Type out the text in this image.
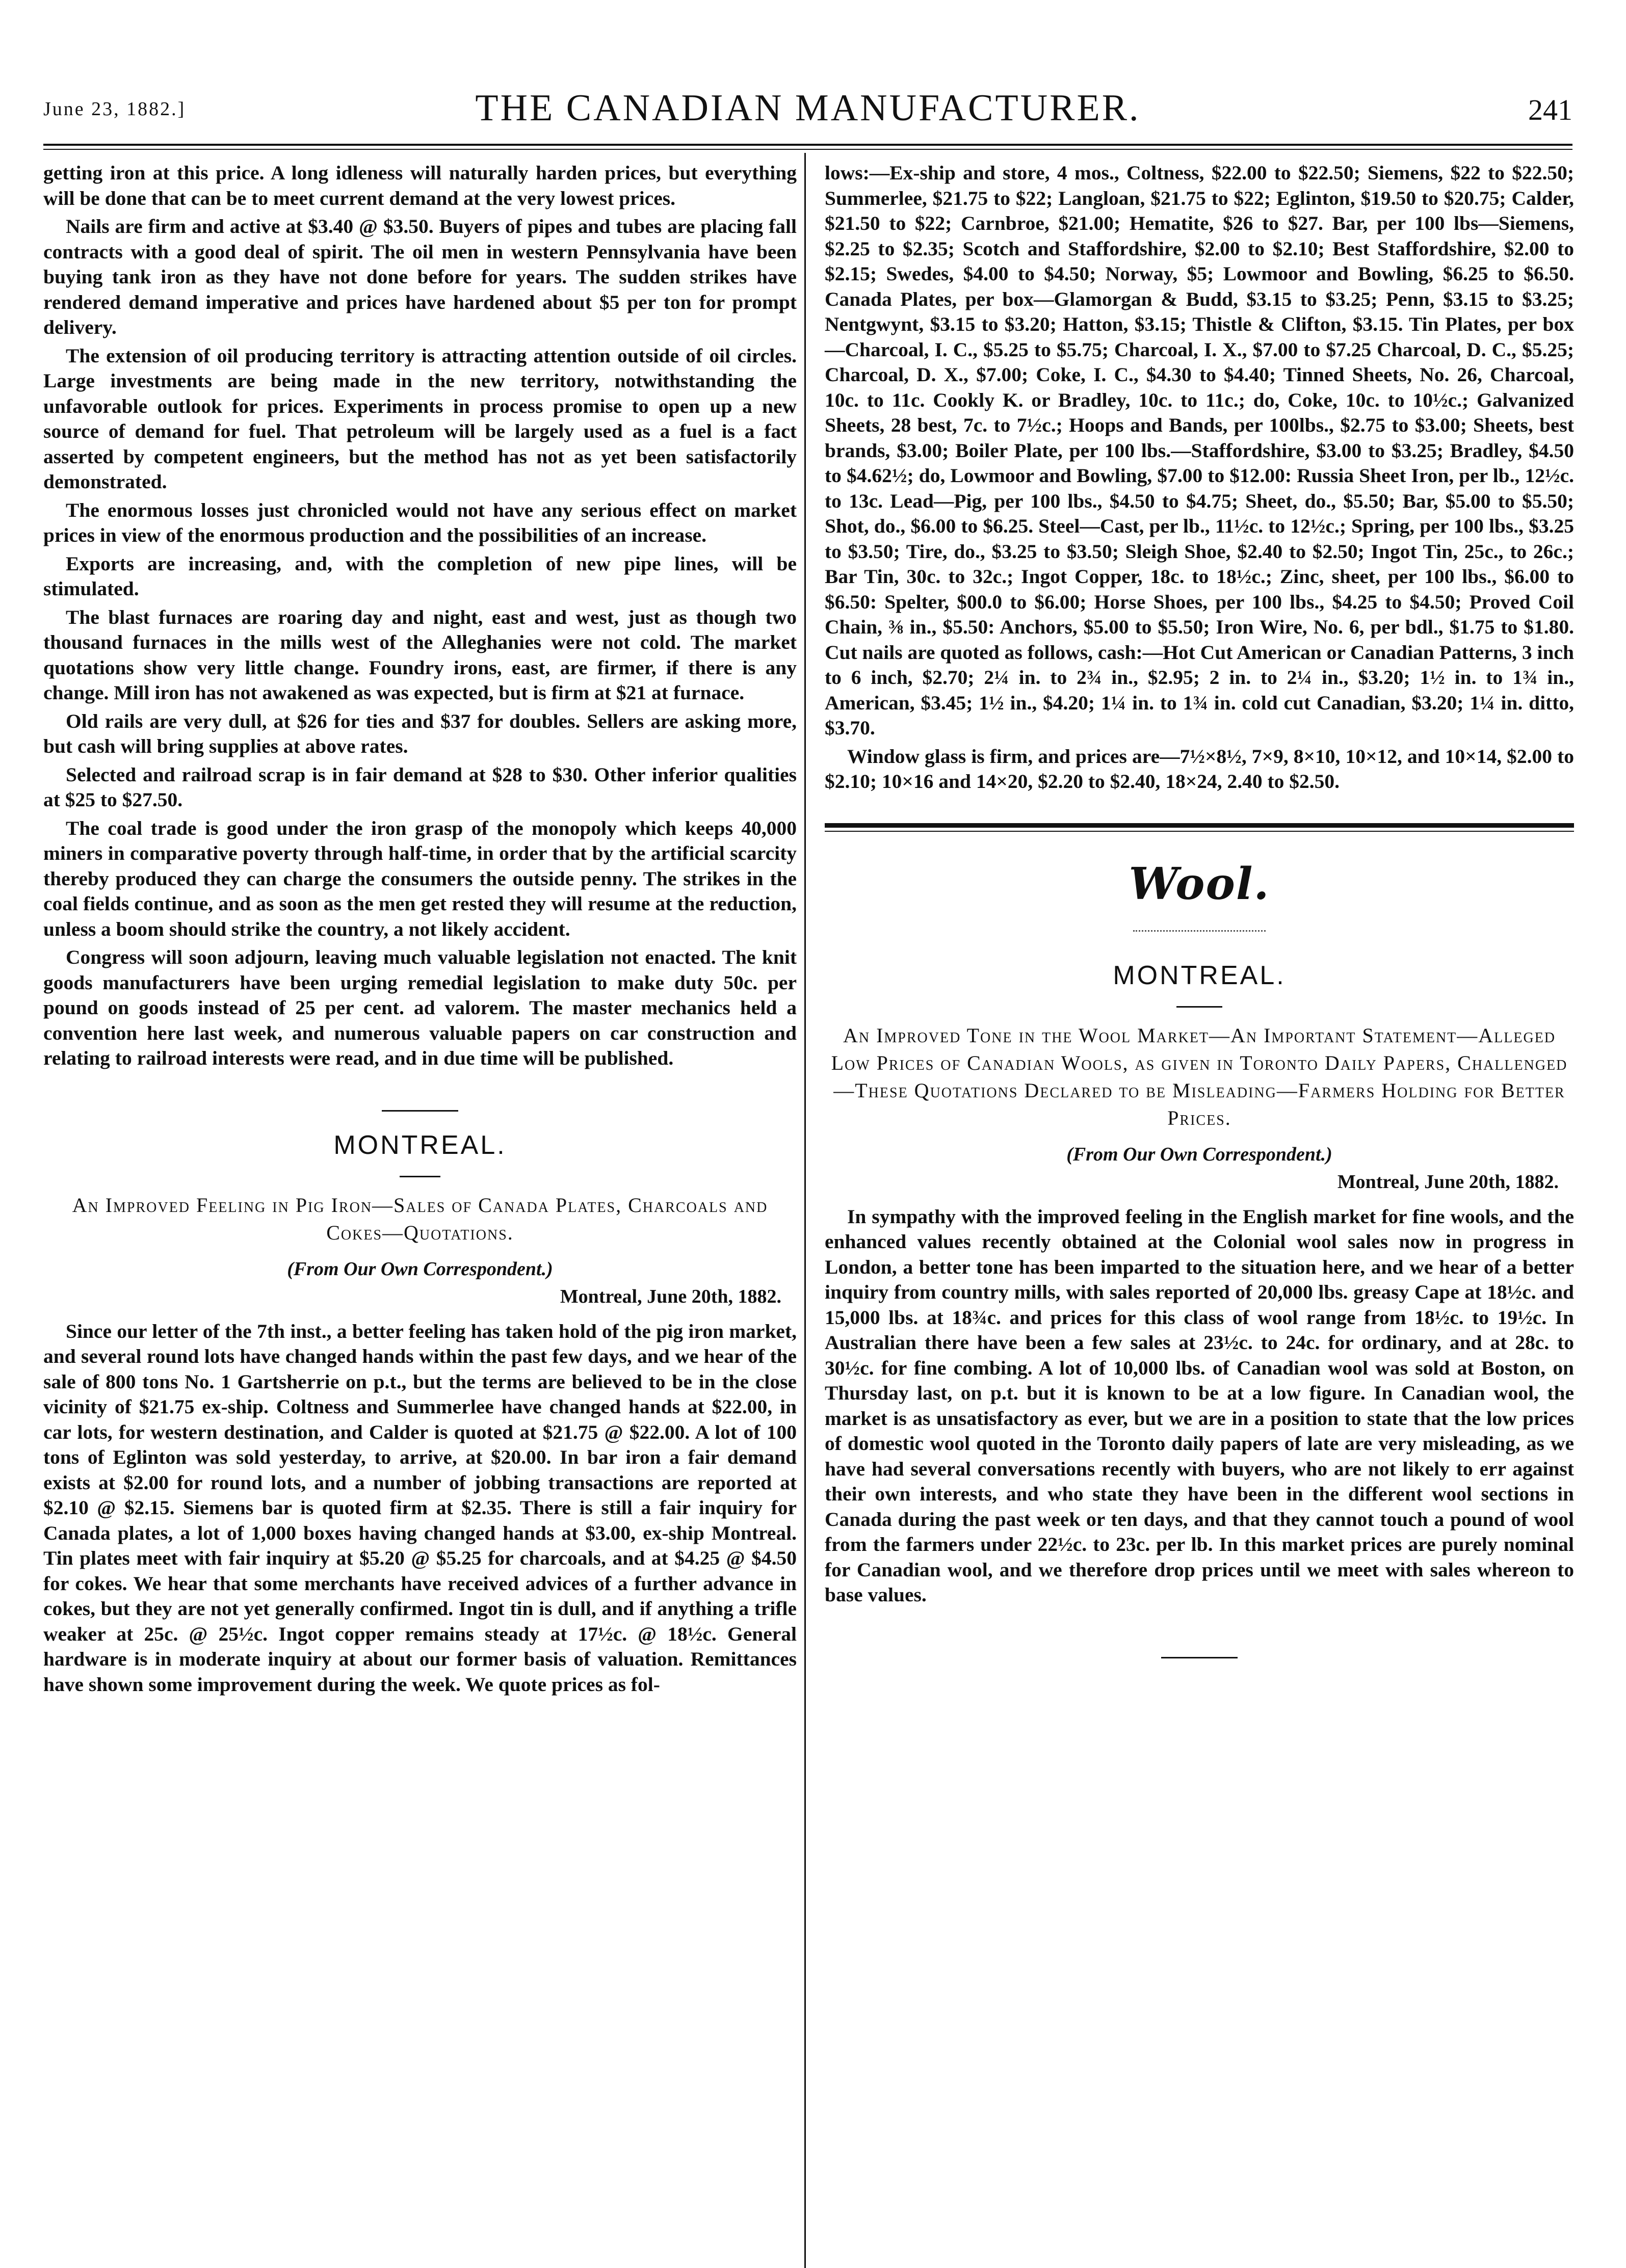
June 23, 1882.]	THE CANADIAN MANUFACTURER.	241

getting iron at this price. A long idleness will naturally harden prices, but everything will be done that can be to meet current demand at the very lowest prices.

Nails are firm and active at $3.40 @ $3.50. Buyers of pipes and tubes are placing fall contracts with a good deal of spirit. The oil men in western Pennsylvania have been buying tank iron as they have not done before for years. The sudden strikes have rendered demand imperative and prices have hardened about $5 per ton for prompt delivery.

The extension of oil producing territory is attracting attention outside of oil circles. Large investments are being made in the new territory, notwithstanding the unfavorable outlook for prices. Experiments in process promise to open up a new source of demand for fuel. That petroleum will be largely used as a fuel is a fact asserted by competent engineers, but the method has not as yet been satisfactorily demonstrated.

The enormous losses just chronicled would not have any serious effect on market prices in view of the enormous production and the possibilities of an increase.

Exports are increasing, and, with the completion of new pipe lines, will be stimulated.

The blast furnaces are roaring day and night, east and west, just as though two thousand furnaces in the mills west of the Alleghanies were not cold. The market quotations show very little change. Foundry irons, east, are firmer, if there is any change. Mill iron has not awakened as was expected, but is firm at $21 at furnace.

Old rails are very dull, at $26 for ties and $37 for doubles. Sellers are asking more, but cash will bring supplies at above rates.

Selected and railroad scrap is in fair demand at $28 to $30. Other inferior qualities at $25 to $27.50.

The coal trade is good under the iron grasp of the monopoly which keeps 40,000 miners in comparative poverty through half-time, in order that by the artificial scarcity thereby produced they can charge the consumers the outside penny. The strikes in the coal fields continue, and as soon as the men get rested they will resume at the reduction, unless a boom should strike the country, a not likely accident.

Congress will soon adjourn, leaving much valuable legislation not enacted. The knit goods manufacturers have been urging remedial legislation to make duty 50c. per pound on goods instead of 25 per cent. ad valorem. The master mechanics held a convention here last week, and numerous valuable papers on car construction and relating to railroad interests were read, and in due time will be published.

MONTREAL.
An Improved Feeling in Pig Iron—Sales of Canada Plates, Charcoals and Cokes—Quotations.
(From Our Own Correspondent.)
Montreal, June 20th, 1882.

Since our letter of the 7th inst., a better feeling has taken hold of the pig iron market, and several round lots have changed hands within the past few days, and we hear of the sale of 800 tons No. 1 Gartsherrie on p.t., but the terms are believed to be in the close vicinity of $21.75 ex-ship. Coltness and Summerlee have changed hands at $22.00, in car lots, for western destination, and Calder is quoted at $21.75 @ $22.00. A lot of 100 tons of Eglinton was sold yesterday, to arrive, at $20.00. In bar iron a fair demand exists at $2.00 for round lots, and a number of jobbing transactions are reported at $2.10 @ $2.15. Siemens bar is quoted firm at $2.35. There is still a fair inquiry for Canada plates, a lot of 1,000 boxes having changed hands at $3.00, ex-ship Montreal. Tin plates meet with fair inquiry at $5.20 @ $5.25 for charcoals, and at $4.25 @ $4.50 for cokes. We hear that some merchants have received advices of a further advance in cokes, but they are not yet generally confirmed. Ingot tin is dull, and if anything a trifle weaker at 25c. @ 25½c. Ingot copper remains steady at 17½c. @ 18½c. General hardware is in moderate inquiry at about our former basis of valuation. Remittances have shown some improvement during the week. We quote prices as fol-

lows:—Ex-ship and store, 4 mos., Coltness, $22.00 to $22.50; Siemens, $22 to $22.50; Summerlee, $21.75 to $22; Langloan, $21.75 to $22; Eglinton, $19.50 to $20.75; Calder, $21.50 to $22; Carnbroe, $21.00; Hematite, $26 to $27. Bar, per 100 lbs—Siemens, $2.25 to $2.35; Scotch and Staffordshire, $2.00 to $2.10; Best Staffordshire, $2.00 to $2.15; Swedes, $4.00 to $4.50; Norway, $5; Lowmoor and Bowling, $6.25 to $6.50. Canada Plates, per box—Glamorgan & Budd, $3.15 to $3.25; Penn, $3.15 to $3.25; Nentgwynt, $3.15 to $3.20; Hatton, $3.15; Thistle & Clifton, $3.15. Tin Plates, per box—Charcoal, I. C., $5.25 to $5.75; Charcoal, I. X., $7.00 to $7.25 Charcoal, D. C., $5.25; Charcoal, D. X., $7.00; Coke, I. C., $4.30 to $4.40; Tinned Sheets, No. 26, Charcoal, 10c. to 11c. Cookly K. or Bradley, 10c. to 11c.; do, Coke, 10c. to 10½c.; Galvanized Sheets, 28 best, 7c. to 7½c.; Hoops and Bands, per 100lbs., $2.75 to $3.00; Sheets, best brands, $3.00; Boiler Plate, per 100 lbs.—Staffordshire, $3.00 to $3.25; Bradley, $4.50 to $4.62½; do, Lowmoor and Bowling, $7.00 to $12.00: Russia Sheet Iron, per lb., 12½c. to 13c. Lead—Pig, per 100 lbs., $4.50 to $4.75; Sheet, do., $5.50; Bar, $5.00 to $5.50; Shot, do., $6.00 to $6.25. Steel—Cast, per lb., 11½c. to 12½c.; Spring, per 100 lbs., $3.25 to $3.50; Tire, do., $3.25 to $3.50; Sleigh Shoe, $2.40 to $2.50; Ingot Tin, 25c., to 26c.; Bar Tin, 30c. to 32c.; Ingot Copper, 18c. to 18½c.; Zinc, sheet, per 100 lbs., $6.00 to $6.50: Spelter, $00.0 to $6.00; Horse Shoes, per 100 lbs., $4.25 to $4.50; Proved Coil Chain, ⅜ in., $5.50: Anchors, $5.00 to $5.50; Iron Wire, No. 6, per bdl., $1.75 to $1.80. Cut nails are quoted as follows, cash:—Hot Cut American or Canadian Patterns, 3 inch to 6 inch, $2.70; 2¼ in. to 2¾ in., $2.95; 2 in. to 2¼ in., $3.20; 1½ in. to 1¾ in., American, $3.45; 1½ in., $4.20; 1¼ in. to 1¾ in. cold cut Canadian, $3.20; 1¼ in. ditto, $3.70.

Window glass is firm, and prices are—7½×8½, 7×9, 8×10, 10×12, and 10×14, $2.00 to $2.10; 10×16 and 14×20, $2.20 to $2.40, 18×24, 2.40 to $2.50.

Wool.
MONTREAL.
An Improved Tone in the Wool Market—An Important Statement—Alleged Low Prices of Canadian Wools, as given in Toronto Daily Papers, Challenged—These Quotations Declared to be Misleading—Farmers Holding for Better Prices.
(From Our Own Correspondent.)
Montreal, June 20th, 1882.

In sympathy with the improved feeling in the English market for fine wools, and the enhanced values recently obtained at the Colonial wool sales now in progress in London, a better tone has been imparted to the situation here, and we hear of a better inquiry from country mills, with sales reported of 20,000 lbs. greasy Cape at 18½c. and 15,000 lbs. at 18¾c. and prices for this class of wool range from 18½c. to 19½c. In Australian there have been a few sales at 23½c. to 24c. for ordinary, and at 28c. to 30½c. for fine combing. A lot of 10,000 lbs. of Canadian wool was sold at Boston, on Thursday last, on p.t. but it is known to be at a low figure. In Canadian wool, the market is as unsatisfactory as ever, but we are in a position to state that the low prices of domestic wool quoted in the Toronto daily papers of late are very misleading, as we have had several conversations recently with buyers, who are not likely to err against their own interests, and who state they have been in the different wool sections in Canada during the past week or ten days, and that they cannot touch a pound of wool from the farmers under 22½c. to 23c. per lb. In this market prices are purely nominal for Canadian wool, and we therefore drop prices until we meet with sales whereon to base values.
